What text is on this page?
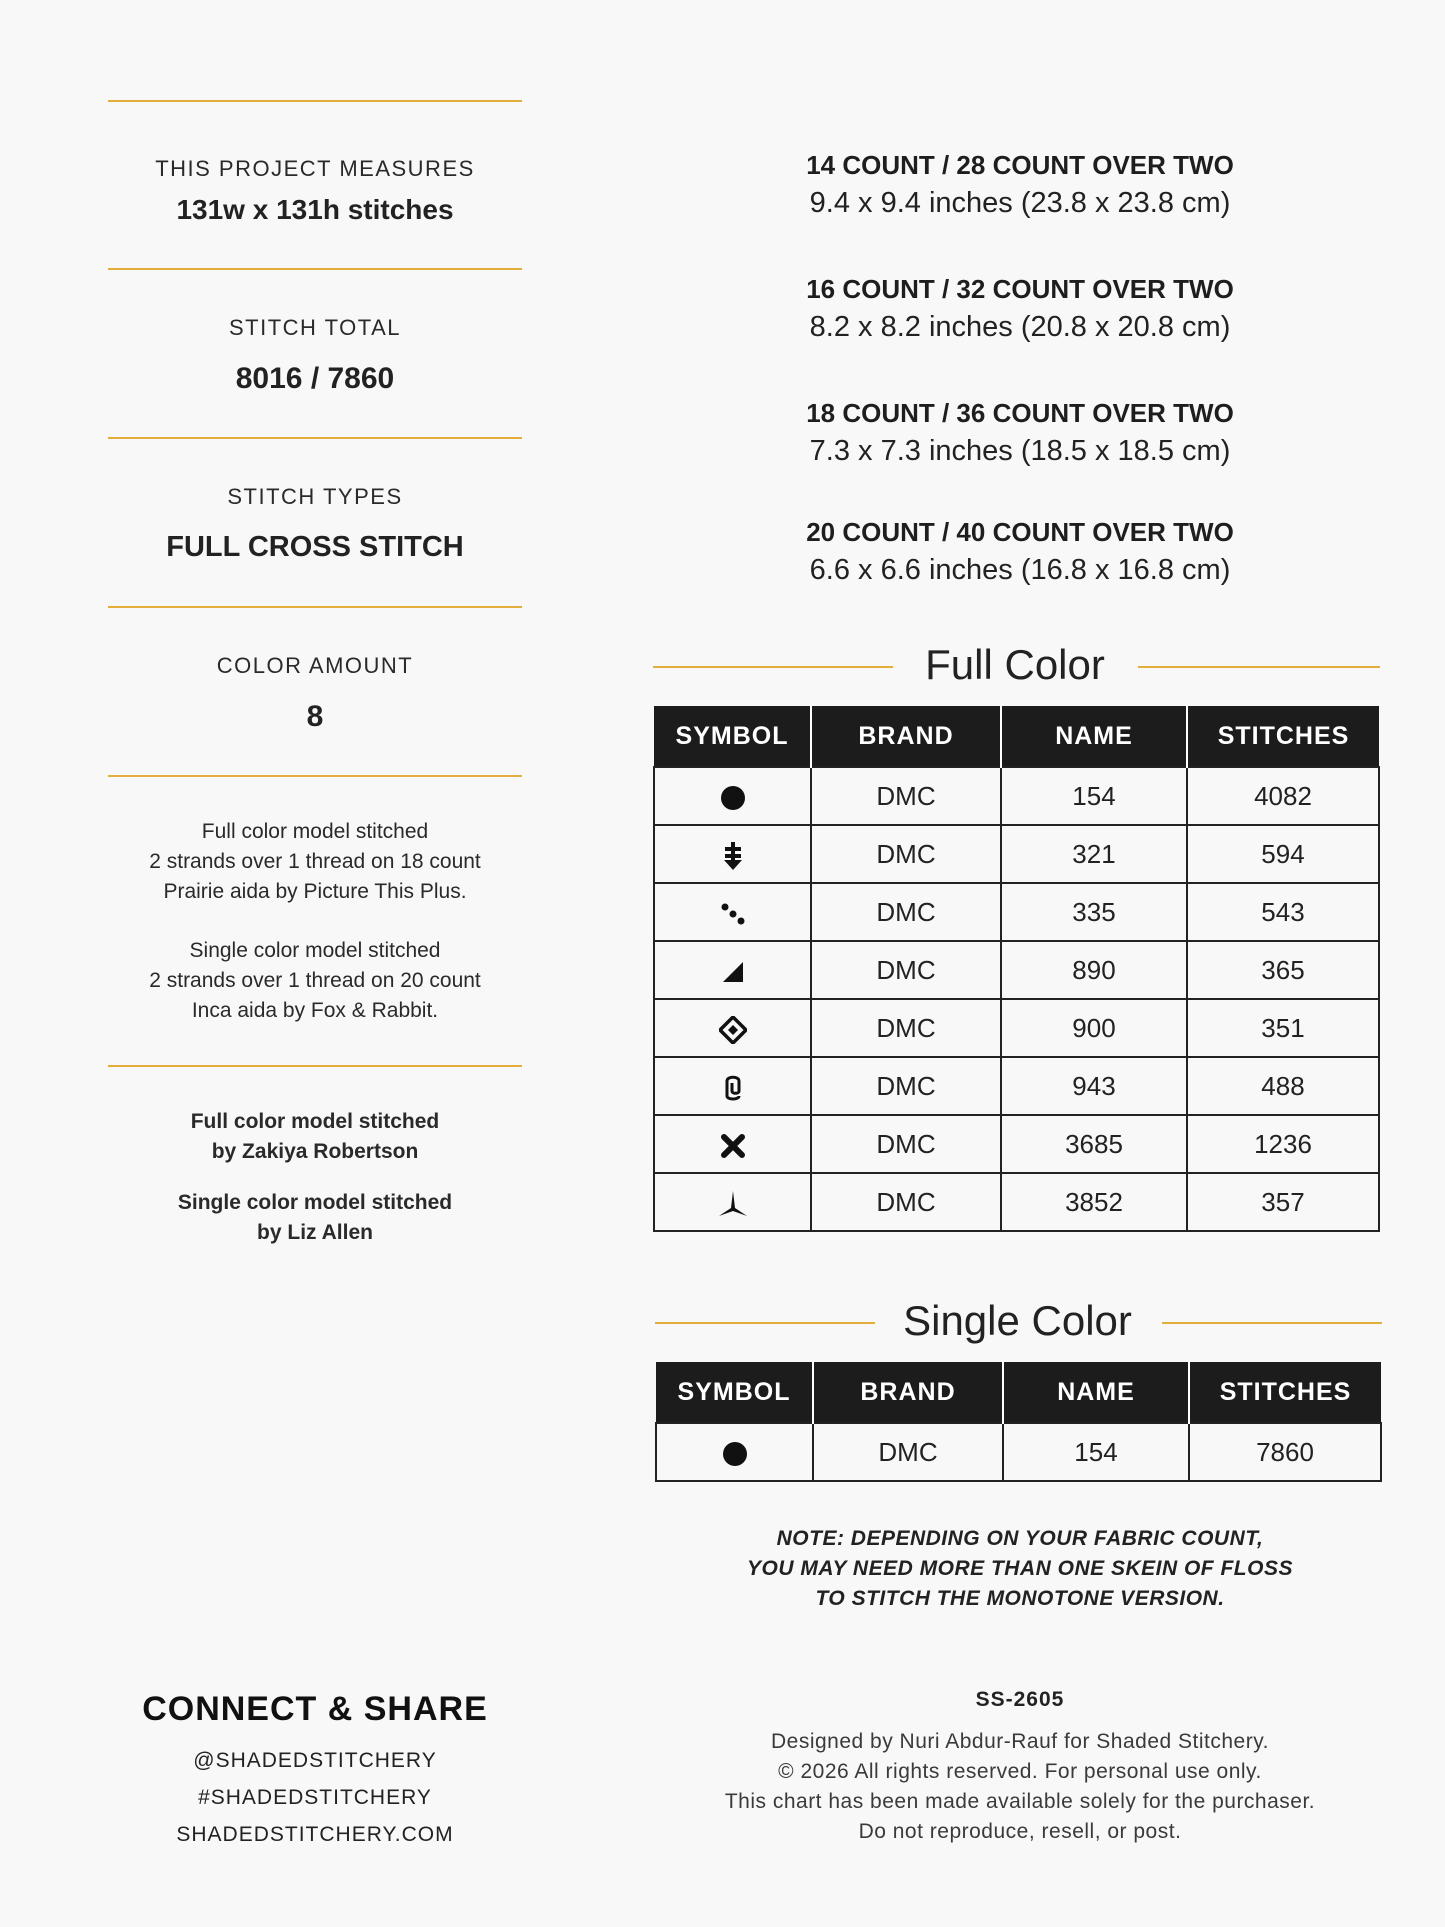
THIS PROJECT MEASURES
131w x 131h stitches
STITCH TOTAL
8016 / 7860
STITCH TYPES
FULL CROSS STITCH
COLOR AMOUNT
8
Full color model stitched
2 strands over 1 thread on 18 count
Prairie aida by Picture This Plus.
Single color model stitched
2 strands over 1 thread on 20 count
Inca aida by Fox & Rabbit.
Full color model stitched
by Zakiya Robertson
Single color model stitched
by Liz Allen
CONNECT & SHARE
@SHADEDSTITCHERY
#SHADEDSTITCHERY
SHADEDSTITCHERY.COM
14 COUNT / 28 COUNT OVER TWO
9.4 x 9.4 inches (23.8 x 23.8 cm)
16 COUNT / 32 COUNT OVER TWO
8.2 x 8.2 inches (20.8 x 20.8 cm)
18 COUNT / 36 COUNT OVER TWO
7.3 x 7.3 inches (18.5 x 18.5 cm)
20 COUNT / 40 COUNT OVER TWO
6.6 x 6.6 inches (16.8 x 16.8 cm)
Full Color
SYMBOL	BRAND	NAME	STITCHES
	DMC	154	4082
	DMC	321	594
	DMC	335	543
	DMC	890	365
	DMC	900	351
	DMC	943	488
	DMC	3685	1236
	DMC	3852	357
Single Color
SYMBOL	BRAND	NAME	STITCHES
	DMC	154	7860
NOTE: DEPENDING ON YOUR FABRIC COUNT,
YOU MAY NEED MORE THAN ONE SKEIN OF FLOSS
TO STITCH THE MONOTONE VERSION.
SS-2605
Designed by Nuri Abdur-Rauf for Shaded Stitchery.
© 2026 All rights reserved. For personal use only.
This chart has been made available solely for the purchaser.
Do not reproduce, resell, or post.
